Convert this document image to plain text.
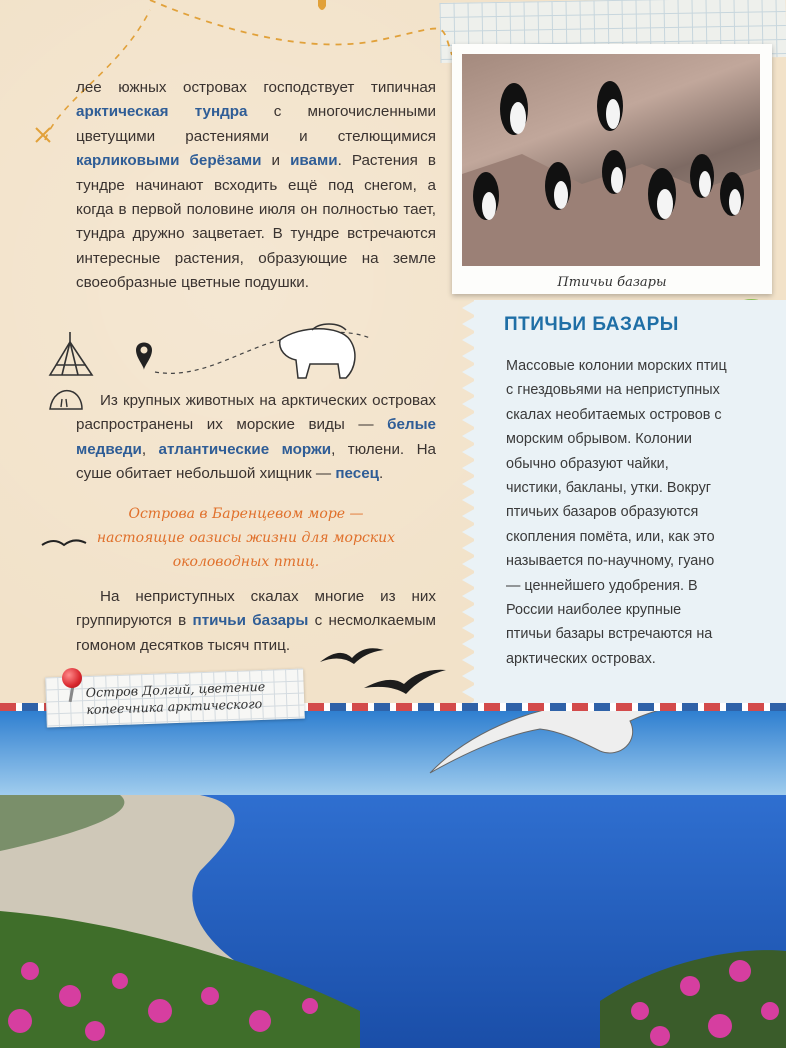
лее южных островах господствует типичная арктическая тундра с многочисленными цветущими растениями и стелющимися карликовыми берёзами и ивами. Растения в тундре начинают всходить ещё под снегом, а когда в первой половине июля он полностью тает, тундра дружно зацветает. В тундре встречаются интересные растения, образующие на земле своеобразные цветные подушки.

Из крупных животных на арктических островах распространены их морские виды — белые медведи, атлантические моржи, тюлени. На суше обитает небольшой хищник — песец.

Острова в Баренцевом море —
настоящие оазисы жизни для морских
околоводных птиц.

На неприступных скалах многие из них группируются в птичьи базары с несмолкаемым гомоном десятков тысяч птиц.

Птичьи базары
ПТИЧЬИ БАЗАРЫ

Массовые колонии морских птиц с гнездовьями на неприступных скалах необитаемых островов с морским обрывом. Колонии обычно образуют чайки, чистики, бакланы, утки. Вокруг птичьих базаров образуются скопления помёта, или, как это называется по-научному, гуано — ценнейшего удобрения. В России наиболее крупные птичьи базары встречаются на арктических островах.

Остров Долгий, цветение
копеечника арктического
